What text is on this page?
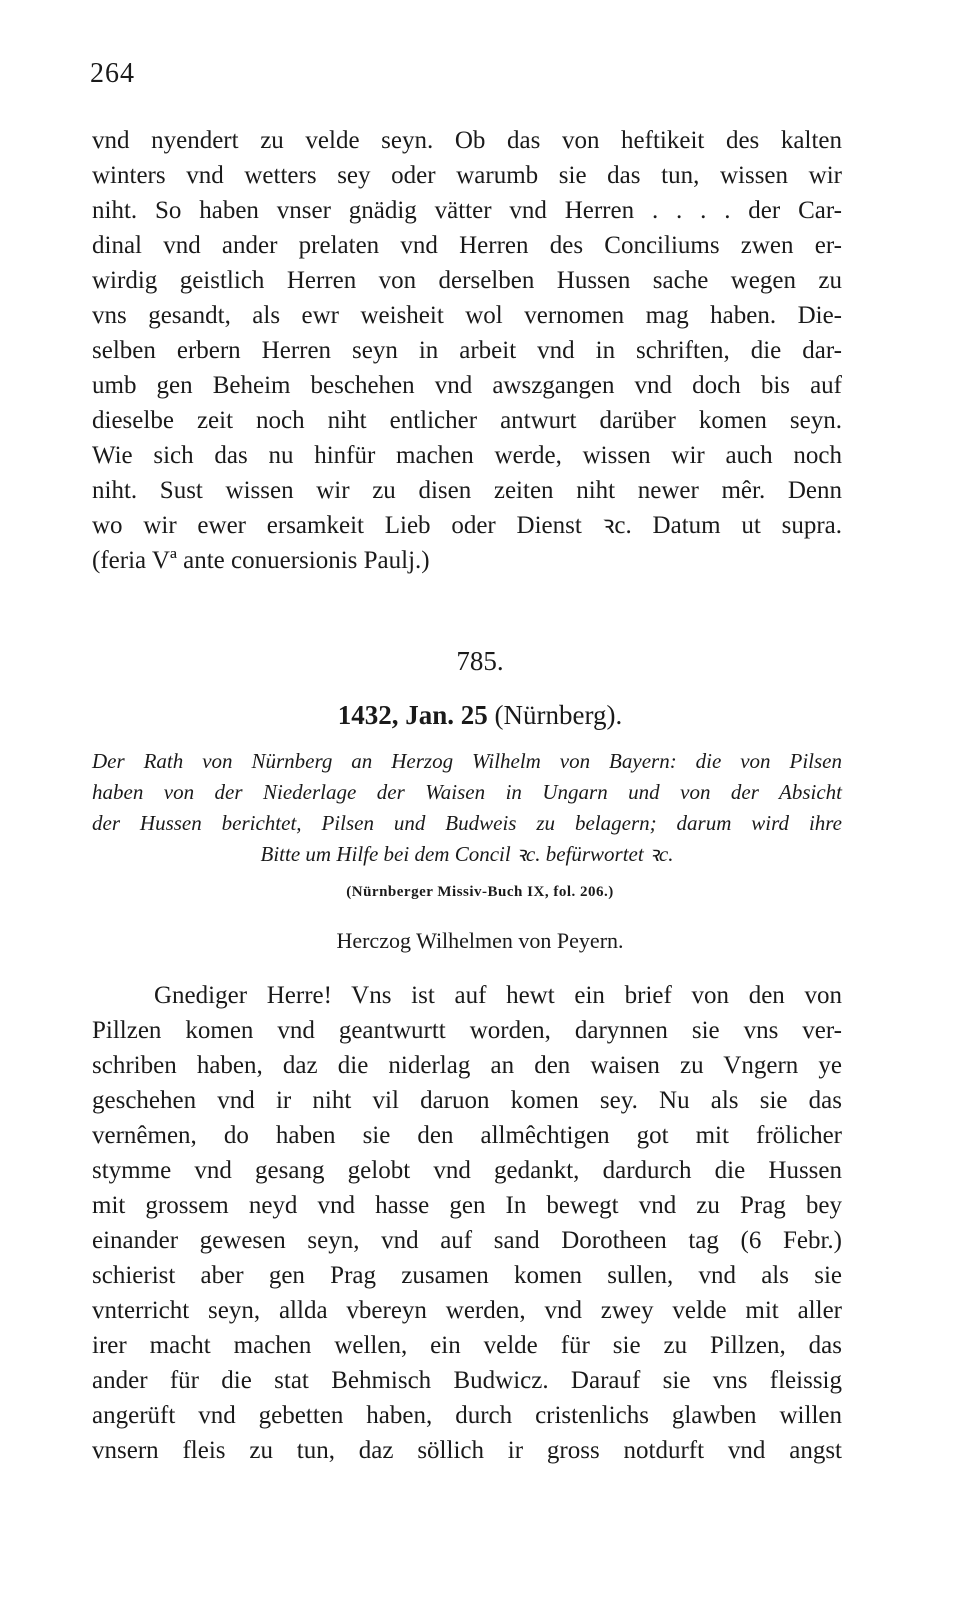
264
vnd nyendert zu velde seyn. Ob das von heftikeit des kalten
winters vnd wetters sey oder warumb sie das tun, wissen wir
niht. So haben vnser gnädig vätter vnd Herren . . . . der Car-
dinal vnd ander prelaten vnd Herren des Conciliums zwen er-
wirdig geistlich Herren von derselben Hussen sache wegen zu
vns gesandt, als ewr weisheit wol vernomen mag haben. Die-
selben erbern Herren seyn in arbeit vnd in schriften, die dar-
umb gen Beheim beschehen vnd awszgangen vnd doch bis auf
dieselbe zeit noch niht entlicher antwurt darüber komen seyn.
Wie sich das nu hinfür machen werde, wissen wir auch noch
niht. Sust wissen wir zu disen zeiten niht newer mêr. Denn
wo wir ewer ersamkeit Lieb oder Dienst ꝛc. Datum ut supra.
(feria Vª ante conuersionis Paulj.)
785.
1432, Jan. 25 (Nürnberg).
Der Rath von Nürnberg an Herzog Wilhelm von Bayern: die von Pilsen
haben von der Niederlage der Waisen in Ungarn und von der Absicht
der Hussen berichtet, Pilsen und Budweis zu belagern; darum wird ihre
Bitte um Hilfe bei dem Concil ꝛc. befürwortet ꝛc.
(Nürnberger Missiv-Buch IX, fol. 206.)
Herczog Wilhelmen von Peyern.
Gnediger Herre! Vns ist auf hewt ein brief von den von
Pillzen komen vnd geantwurtt worden, darynnen sie vns ver-
schriben haben, daz die niderlag an den waisen zu Vngern ye
geschehen vnd ir niht vil daruon komen sey. Nu als sie das
vernêmen, do haben sie den allmêchtigen got mit frölicher
stymme vnd gesang gelobt vnd gedankt, dardurch die Hussen
mit grossem neyd vnd hasse gen In bewegt vnd zu Prag bey
einander gewesen seyn, vnd auf sand Dorotheen tag (6 Febr.)
schierist aber gen Prag zusamen komen sullen, vnd als sie
vnterricht seyn, allda vbereyn werden, vnd zwey velde mit aller
irer macht machen wellen, ein velde für sie zu Pillzen, das
ander für die stat Behmisch Budwicz. Darauf sie vns fleissig
angerüft vnd gebetten haben, durch cristenlichs glawben willen
vnsern fleis zu tun, daz söllich ir gross notdurft vnd angst
